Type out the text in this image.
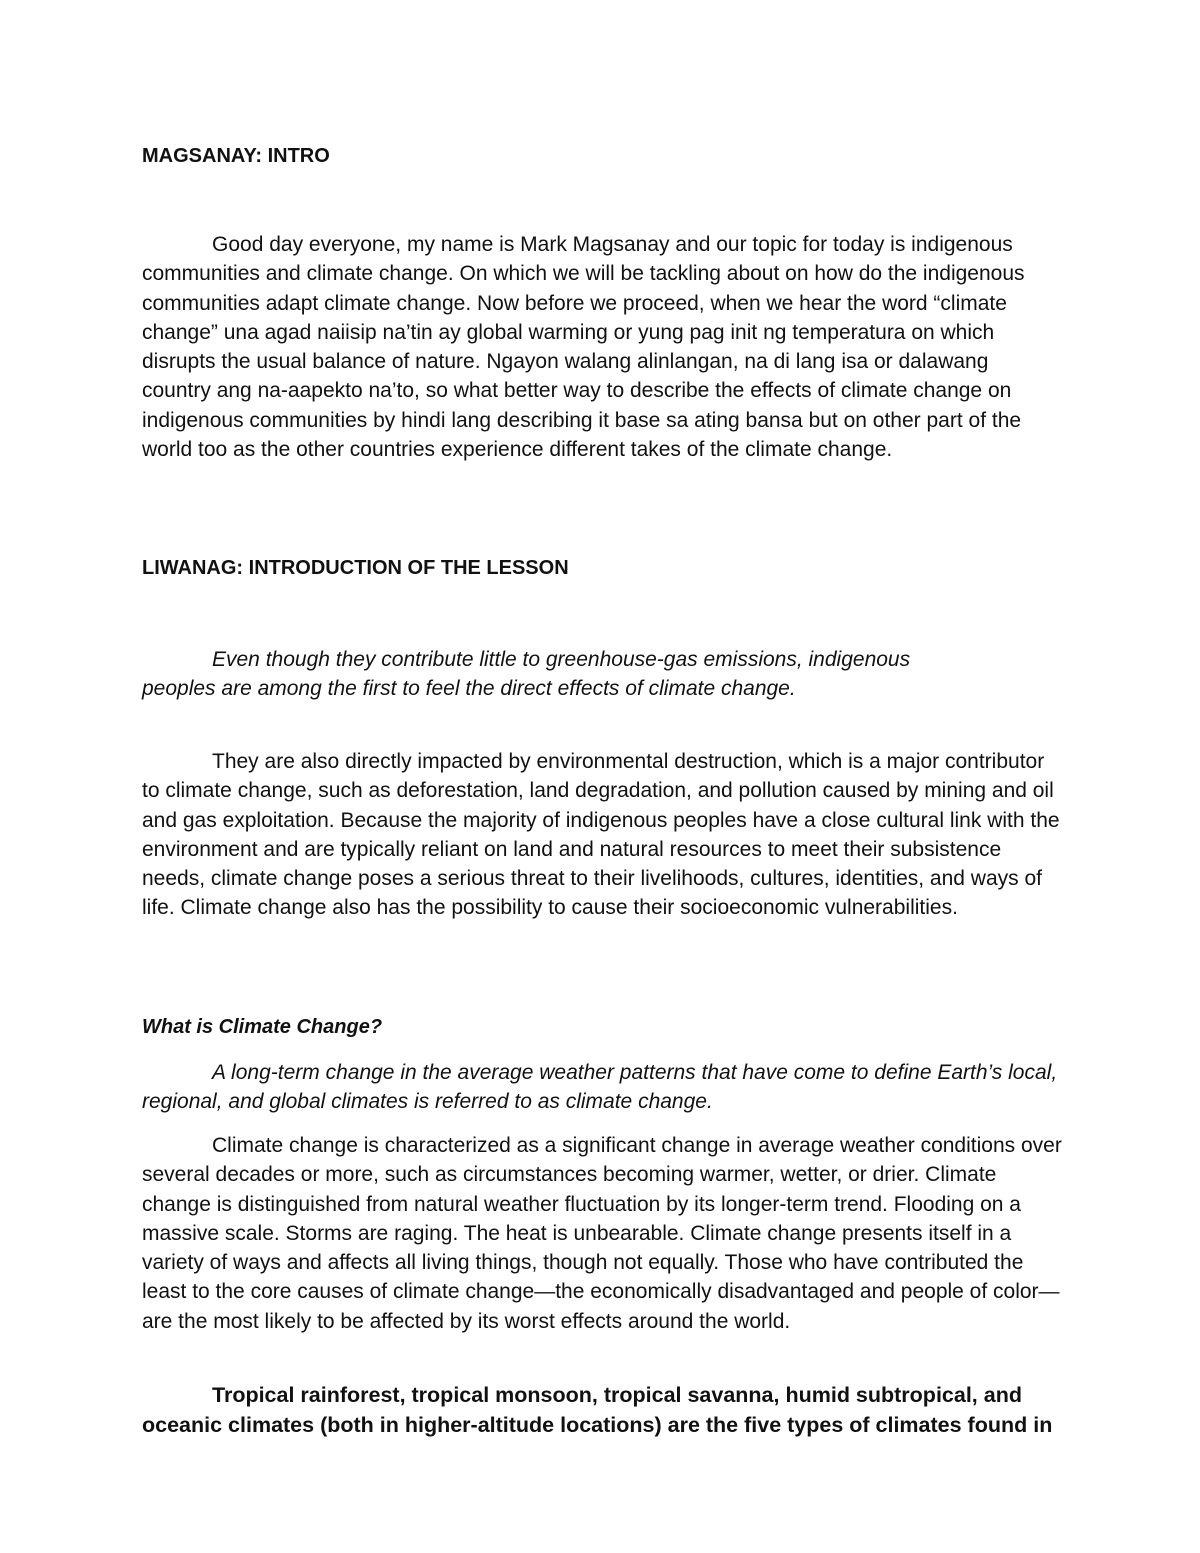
MAGSANAY: INTRO

Good day everyone, my name is Mark Magsanay and our topic for today is indigenous communities and climate change. On which we will be tackling about on how do the indigenous communities adapt climate change. Now before we proceed, when we hear the word “climate change” una agad naiisip na’tin ay global warming or yung pag init ng temperatura on which disrupts the usual balance of nature. Ngayon walang alinlangan, na di lang isa or dalawang country ang na-aapekto na’to, so what better way to describe the effects of climate change on indigenous communities by hindi lang describing it base sa ating bansa but on other part of the world too as the other countries experience different takes of the climate change.

LIWANAG: INTRODUCTION OF THE LESSON

Even though they contribute little to greenhouse-gas emissions, indigenous peoples are among the first to feel the direct effects of climate change.

They are also directly impacted by environmental destruction, which is a major contributor to climate change, such as deforestation, land degradation, and pollution caused by mining and oil and gas exploitation. Because the majority of indigenous peoples have a close cultural link with the environment and are typically reliant on land and natural resources to meet their subsistence needs, climate change poses a serious threat to their livelihoods, cultures, identities, and ways of life. Climate change also has the possibility to cause their socioeconomic vulnerabilities.

What is Climate Change?

A long-term change in the average weather patterns that have come to define Earth’s local, regional, and global climates is referred to as climate change.

Climate change is characterized as a significant change in average weather conditions over several decades or more, such as circumstances becoming warmer, wetter, or drier. Climate change is distinguished from natural weather fluctuation by its longer-term trend. Flooding on a massive scale. Storms are raging. The heat is unbearable. Climate change presents itself in a variety of ways and affects all living things, though not equally. Those who have contributed the least to the core causes of climate change—the economically disadvantaged and people of color—are the most likely to be affected by its worst effects around the world.

Tropical rainforest, tropical monsoon, tropical savanna, humid subtropical, and oceanic climates (both in higher-altitude locations) are the five types of climates found in
